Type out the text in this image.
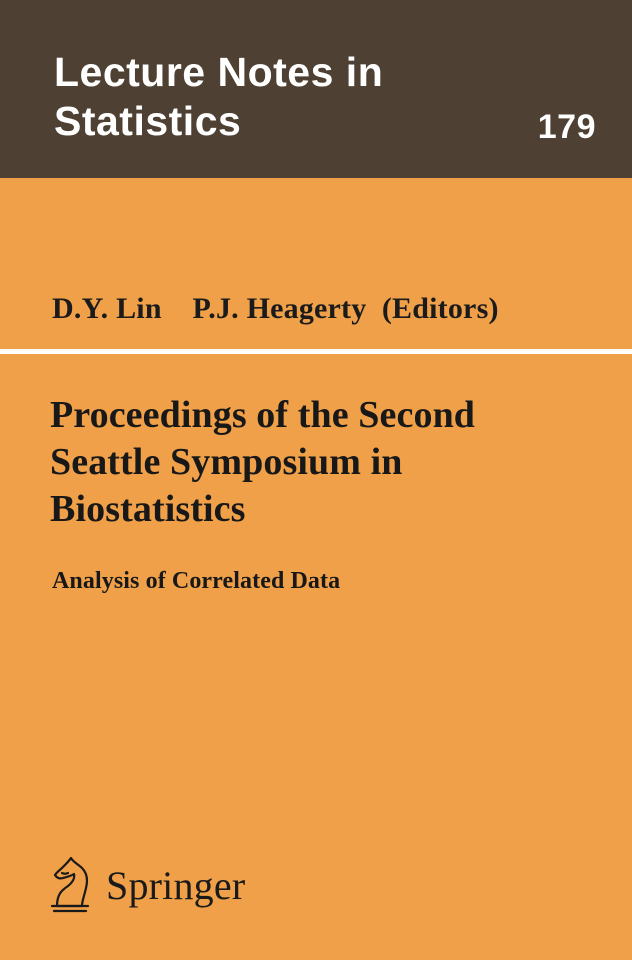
Lecture Notes in Statistics	179
D.Y. Lin    P.J. Heagerty  (Editors)
Proceedings of the Second Seattle Symposium in Biostatistics
Analysis of Correlated Data
Springer
